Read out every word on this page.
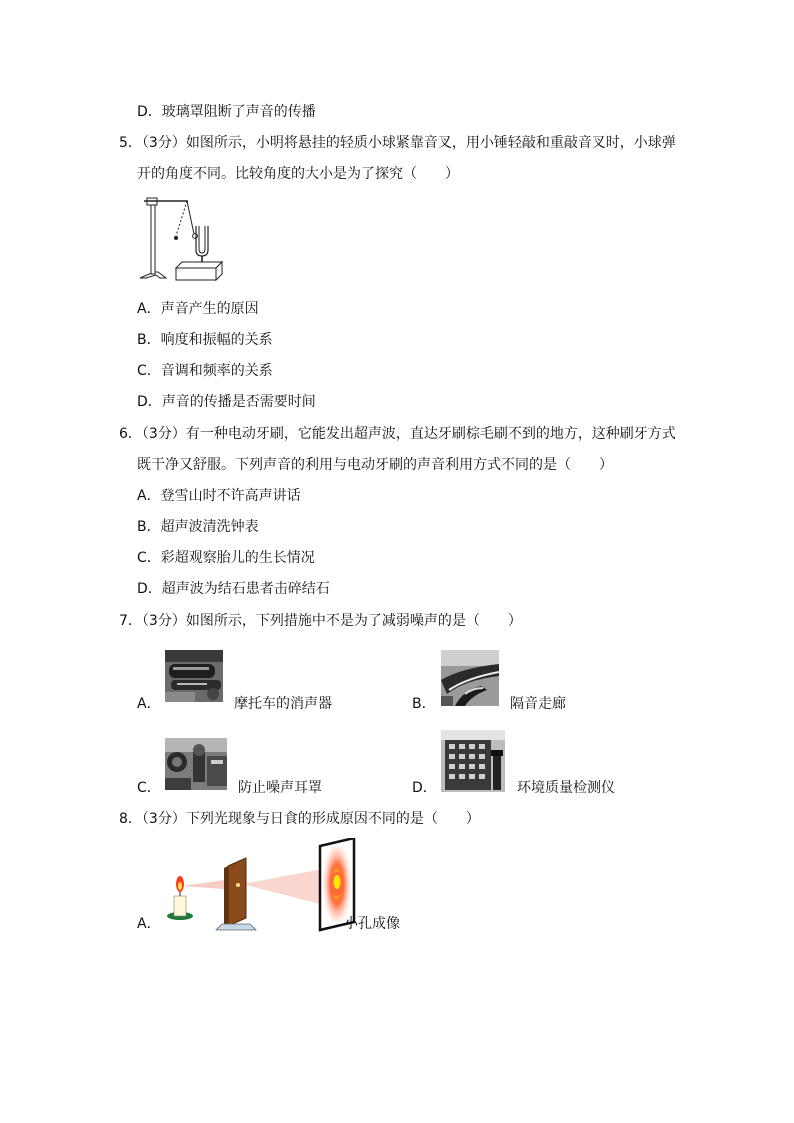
D．玻璃罩阻断了声音的传播
5．（3分）如图所示，小明将悬挂的轻质小球紧靠音叉，用小锤轻敲和重敲音叉时，小球弹
开的角度不同。比较角度的大小是为了探究（　　）
A．声音产生的原因
B．响度和振幅的关系
C．音调和频率的关系
D．声音的传播是否需要时间
6．（3分）有一种电动牙刷，它能发出超声波，直达牙刷棕毛刷不到的地方，这种刷牙方式
既干净又舒服。下列声音的利用与电动牙刷的声音利用方式不同的是（　　）
A．登雪山时不许高声讲话
B．超声波清洗钟表
C．彩超观察胎儿的生长情况
D．超声波为结石患者击碎结石
7．（3分）如图所示，下列措施中不是为了减弱噪声的是（　　）
A．	摩托车的消声器	B．	隔音走廊
C．	防止噪声耳罩	D．	环境质量检测仪
8．（3分）下列光现象与日食的形成原因不同的是（　　）
A．	小孔成像
